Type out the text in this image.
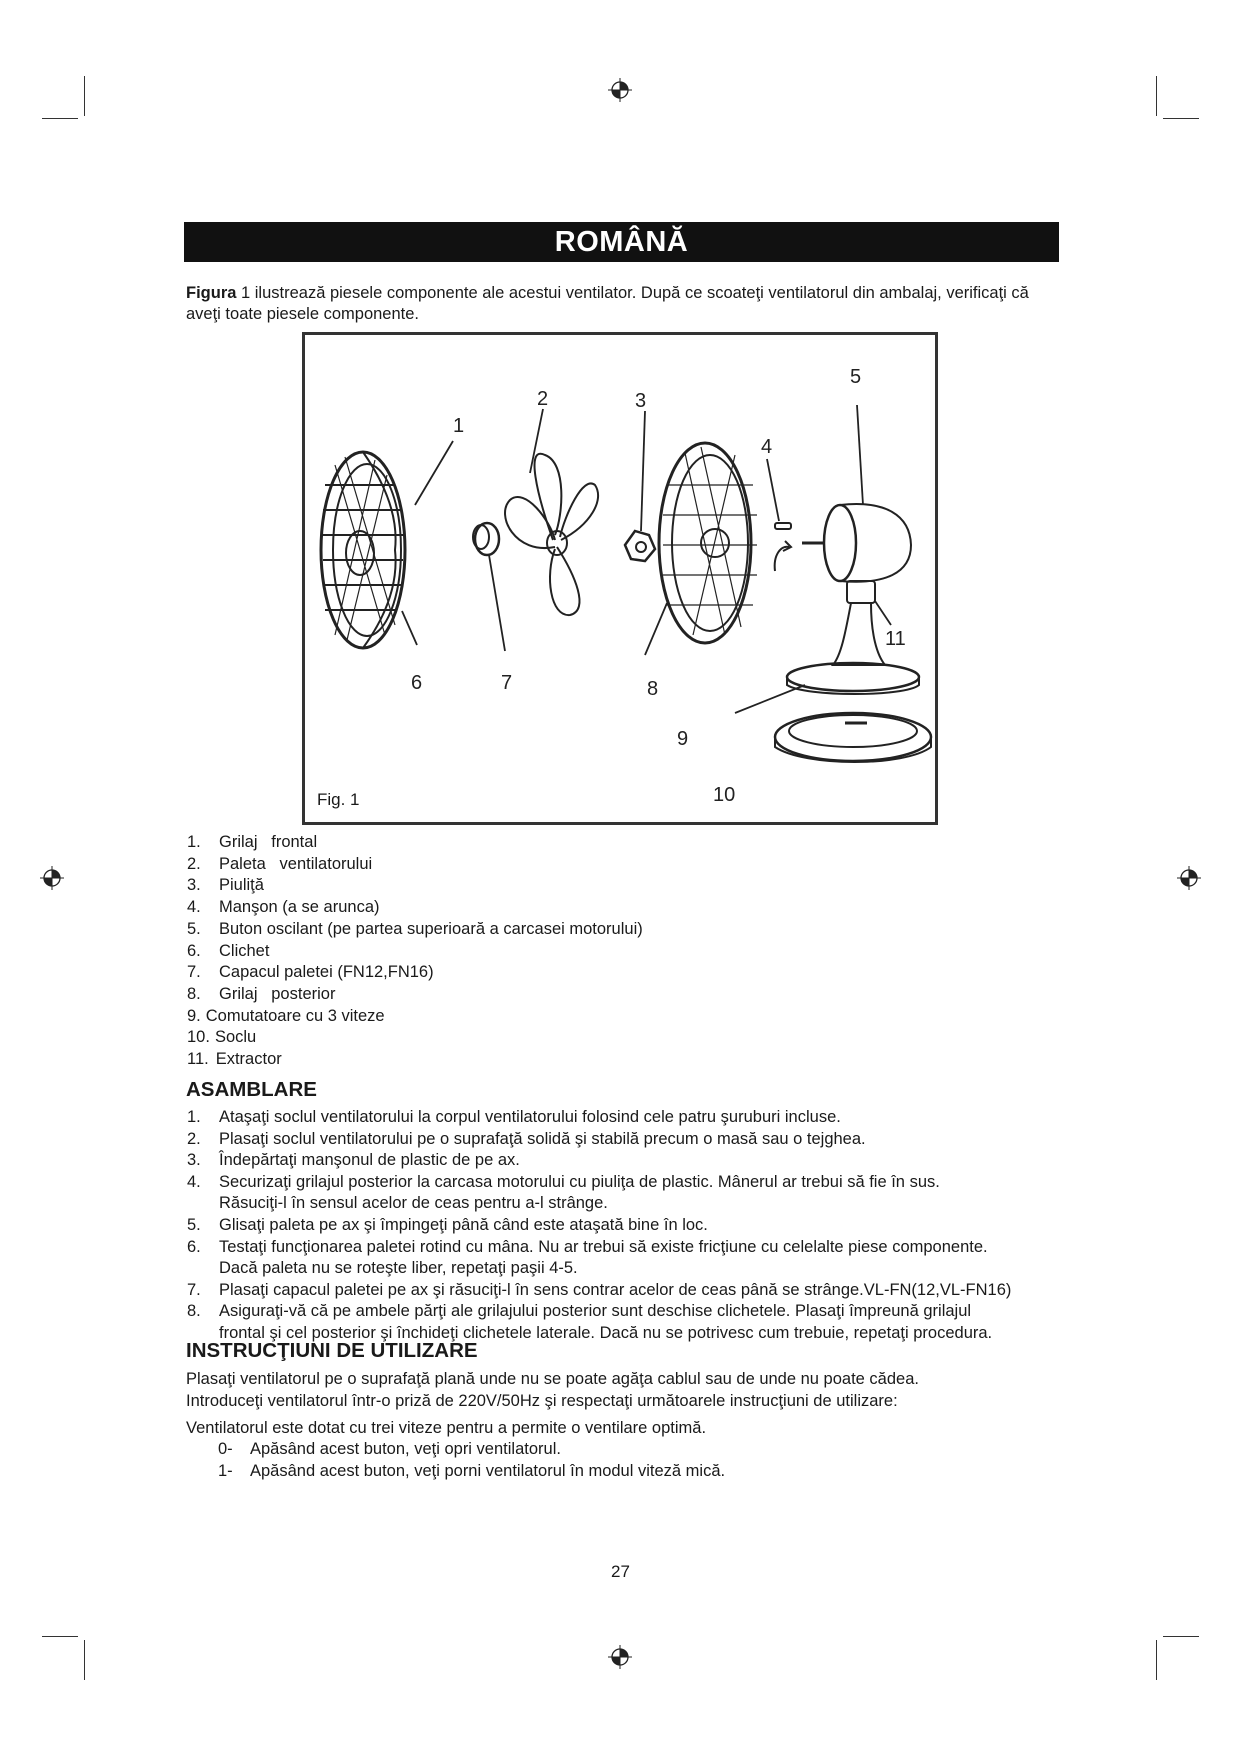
ROMÂNĂ
Figura 1 ilustrează piesele componente ale acestui ventilator. După ce scoateţi ventilatorul din ambalaj, verificaţi că aveţi toate piesele componente.
1
2	3
4
5
6	7	8
9
10
11
Fig. 1
1.	Grilaj   frontal
2.	Paleta   ventilatorului
3.	Piuliţă
4.	Manşon (a se arunca)
5.	Buton oscilant (pe partea superioară a carcasei motorului)
6.	Clichet
7.	Capacul paletei (FN12,FN16)
8.	Grilaj   posterior
9. Comutatoare cu 3 viteze
10. Soclu
11. Extractor
ASAMBLARE
1.	Ataşaţi soclul ventilatorului la corpul ventilatorului folosind cele patru şuruburi incluse.
2.	Plasaţi soclul ventilatorului pe o suprafaţă solidă şi stabilă precum o masă sau o tejghea.
3.	Îndepărtaţi manşonul de plastic de pe ax.
4.	Securizaţi grilajul posterior la carcasa motorului cu piuliţa de plastic. Mânerul ar trebui să fie în sus.
Răsuciţi-l în sensul acelor de ceas pentru a-l strânge.
5.	Glisaţi paleta pe ax şi împingeţi până când este ataşată bine în loc.
6.	Testaţi funcţionarea paletei rotind cu mâna. Nu ar trebui să existe fricţiune cu celelalte piese componente.
Dacă paleta nu se roteşte liber, repetaţi paşii 4-5.
7.	Plasaţi capacul paletei pe ax şi răsuciţi-l în sens contrar acelor de ceas până se strânge.VL-FN(12,VL-FN16)
8.	Asiguraţi-vă că pe ambele părţi ale grilajului posterior sunt deschise clichetele. Plasaţi împreună grilajul
frontal şi cel posterior şi închideţi clichetele laterale. Dacă nu se potrivesc cum trebuie, repetaţi procedura.
INSTRUCŢIUNI DE UTILIZARE
Plasaţi ventilatorul pe o suprafaţă plană unde nu se poate agăţa cablul sau de unde nu poate cădea.
Introduceţi ventilatorul într-o priză de 220V/50Hz şi respectaţi următoarele instrucţiuni de utilizare:
Ventilatorul este dotat cu trei viteze pentru a permite o ventilare optimă.
0-	Apăsând acest buton, veţi opri ventilatorul.
1-	Apăsând acest buton, veţi porni ventilatorul în modul viteză mică.
27
